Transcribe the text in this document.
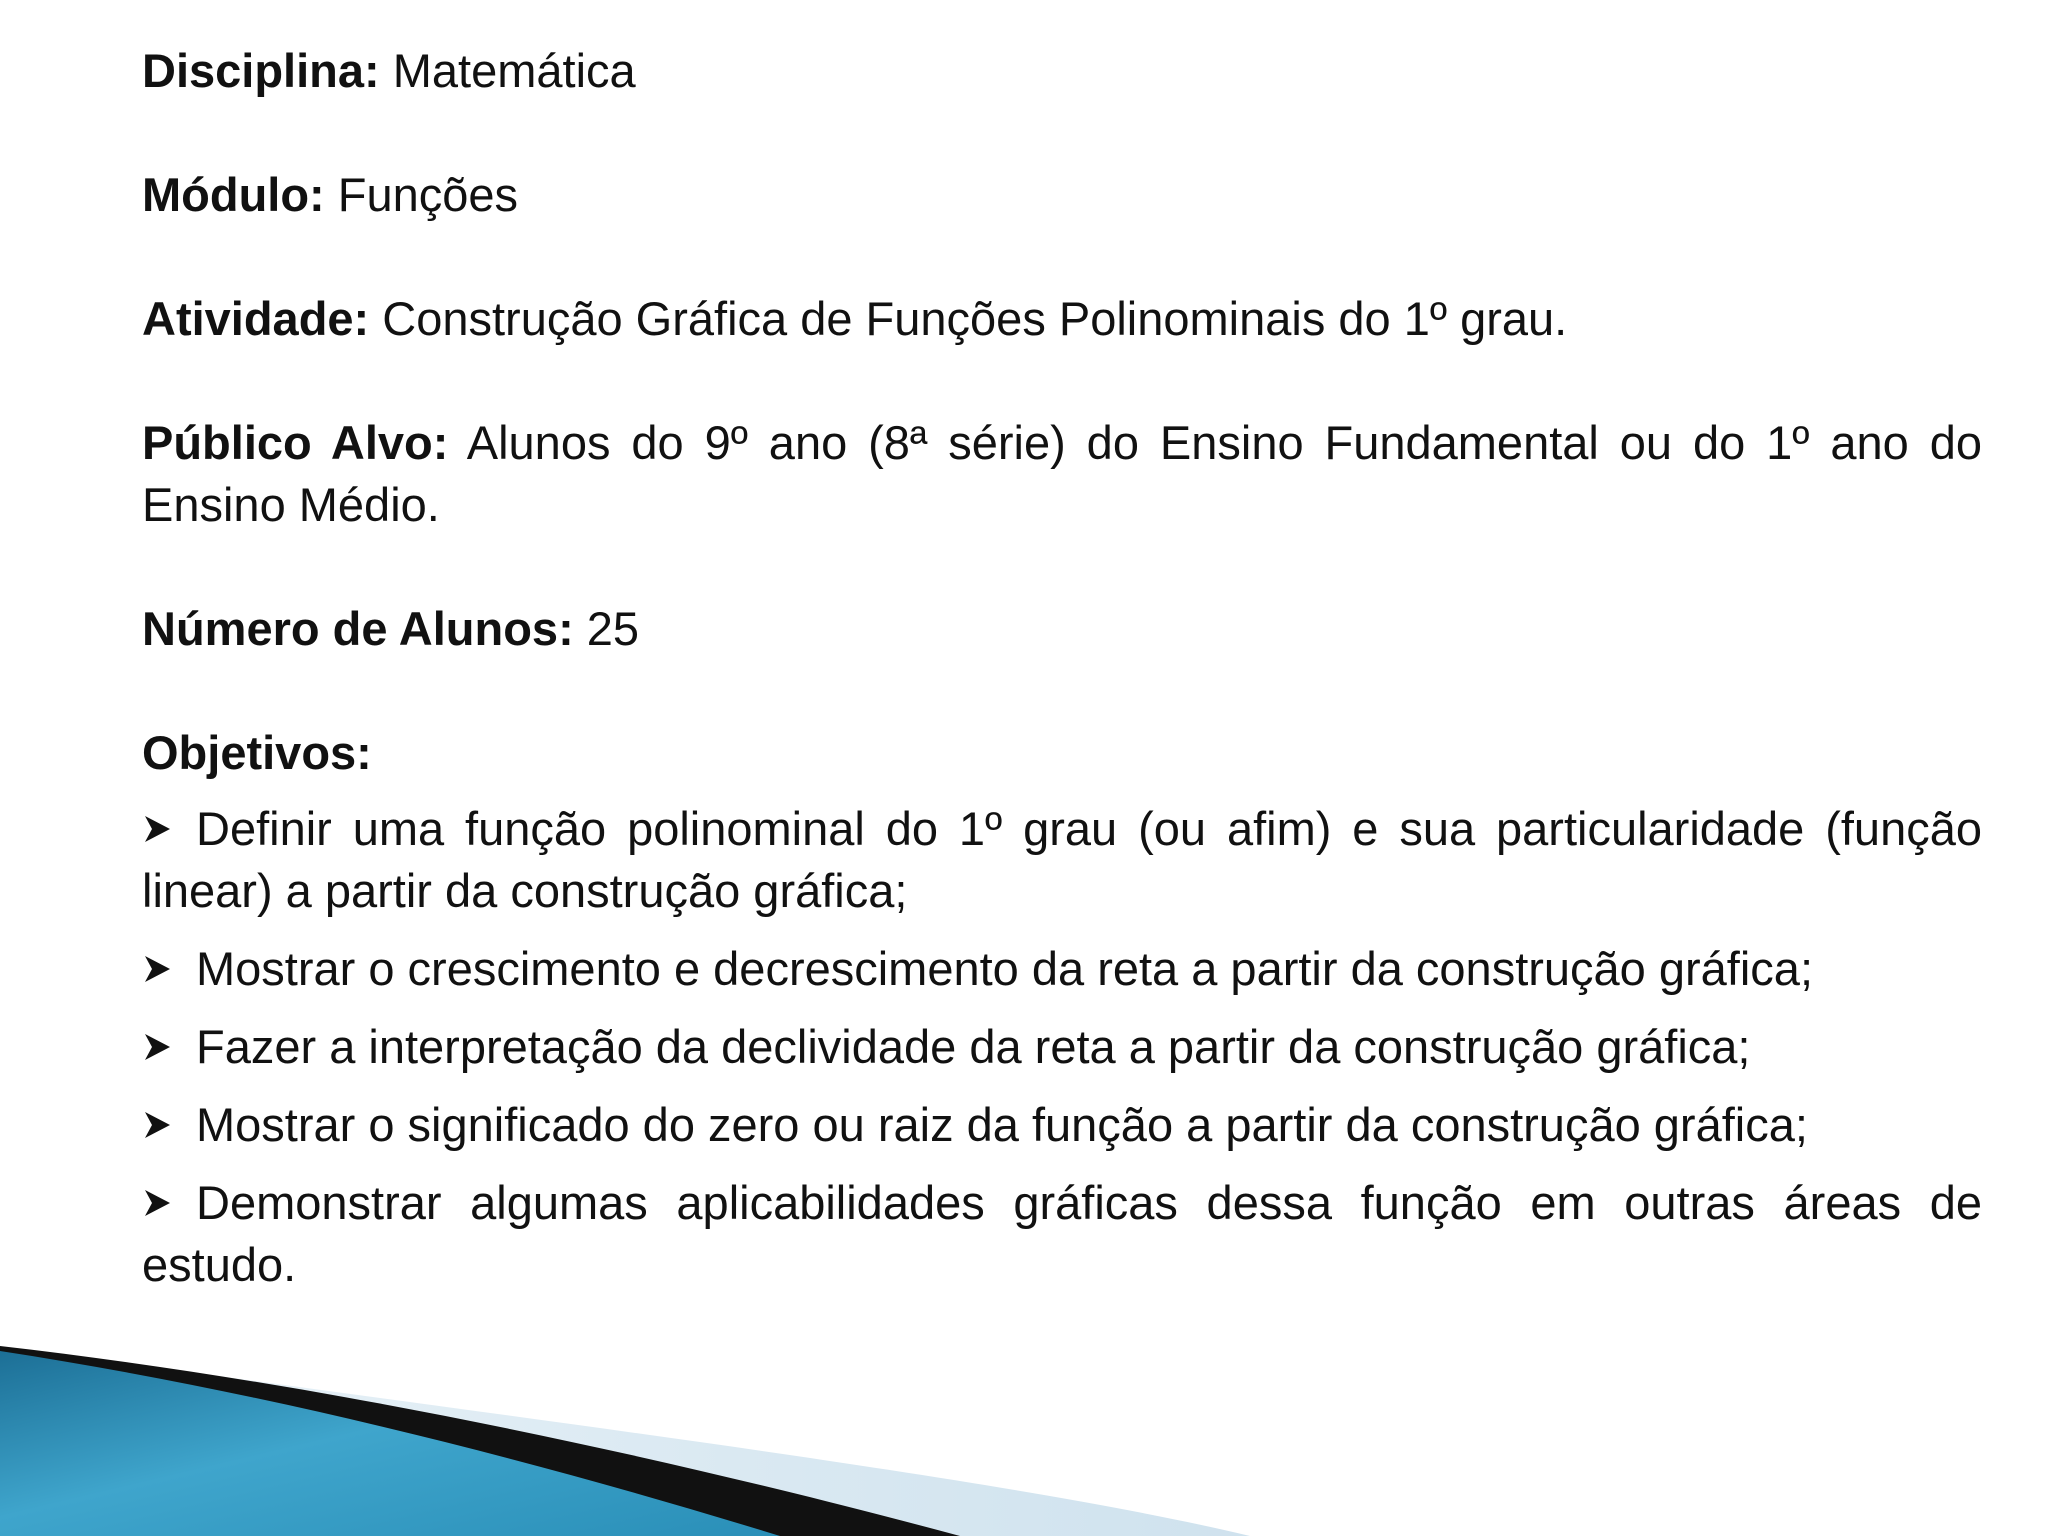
Disciplina: Matemática

Módulo: Funções

Atividade: Construção Gráfica de Funções Polinominais do 1º grau.

Público Alvo: Alunos do 9º ano (8ª série) do Ensino Fundamental ou do 1º ano do Ensino Médio.

Número de Alunos: 25

Objetivos:

Definir uma função polinominal do 1º grau (ou afim) e sua particularidade (função linear) a partir da construção gráfica;
Mostrar o crescimento e decrescimento da reta a partir da construção gráfica;
Fazer a interpretação da declividade da reta a partir da construção gráfica;
Mostrar o significado do zero ou raiz da função a partir da construção gráfica;
Demonstrar algumas aplicabilidades gráficas dessa função em outras áreas de estudo.
